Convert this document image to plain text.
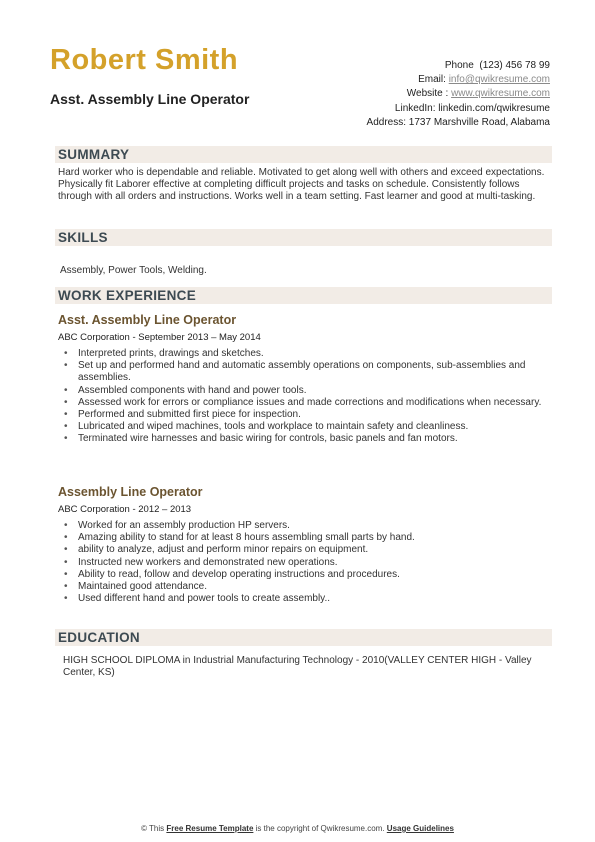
Robert Smith
Asst. Assembly Line Operator
Phone (123) 456 78 99
Email: info@qwikresume.com
Website : www.qwikresume.com
LinkedIn: linkedin.com/qwikresume
Address: 1737 Marshville Road, Alabama
SUMMARY
Hard worker who is dependable and reliable. Motivated to get along well with others and exceed expectations. Physically fit Laborer effective at completing difficult projects and tasks on schedule. Consistently follows through with all orders and instructions. Works well in a team setting. Fast learner and good at multi-tasking.
SKILLS
Assembly, Power Tools, Welding.
WORK EXPERIENCE
Asst. Assembly Line Operator
ABC Corporation - September 2013 – May 2014
• Interpreted prints, drawings and sketches.
• Set up and performed hand and automatic assembly operations on components, sub-assemblies and assemblies.
• Assembled components with hand and power tools.
• Assessed work for errors or compliance issues and made corrections and modifications when necessary.
• Performed and submitted first piece for inspection.
• Lubricated and wiped machines, tools and workplace to maintain safety and cleanliness.
• Terminated wire harnesses and basic wiring for controls, basic panels and fan motors.
Assembly Line Operator
ABC Corporation - 2012 – 2013
• Worked for an assembly production HP servers.
• Amazing ability to stand for at least 8 hours assembling small parts by hand.
• ability to analyze, adjust and perform minor repairs on equipment.
• Instructed new workers and demonstrated new operations.
• Ability to read, follow and develop operating instructions and procedures.
• Maintained good attendance.
• Used different hand and power tools to create assembly..
EDUCATION
HIGH SCHOOL DIPLOMA in Industrial Manufacturing Technology - 2010(VALLEY CENTER HIGH - Valley Center, KS)
© This Free Resume Template is the copyright of Qwikresume.com. Usage Guidelines
